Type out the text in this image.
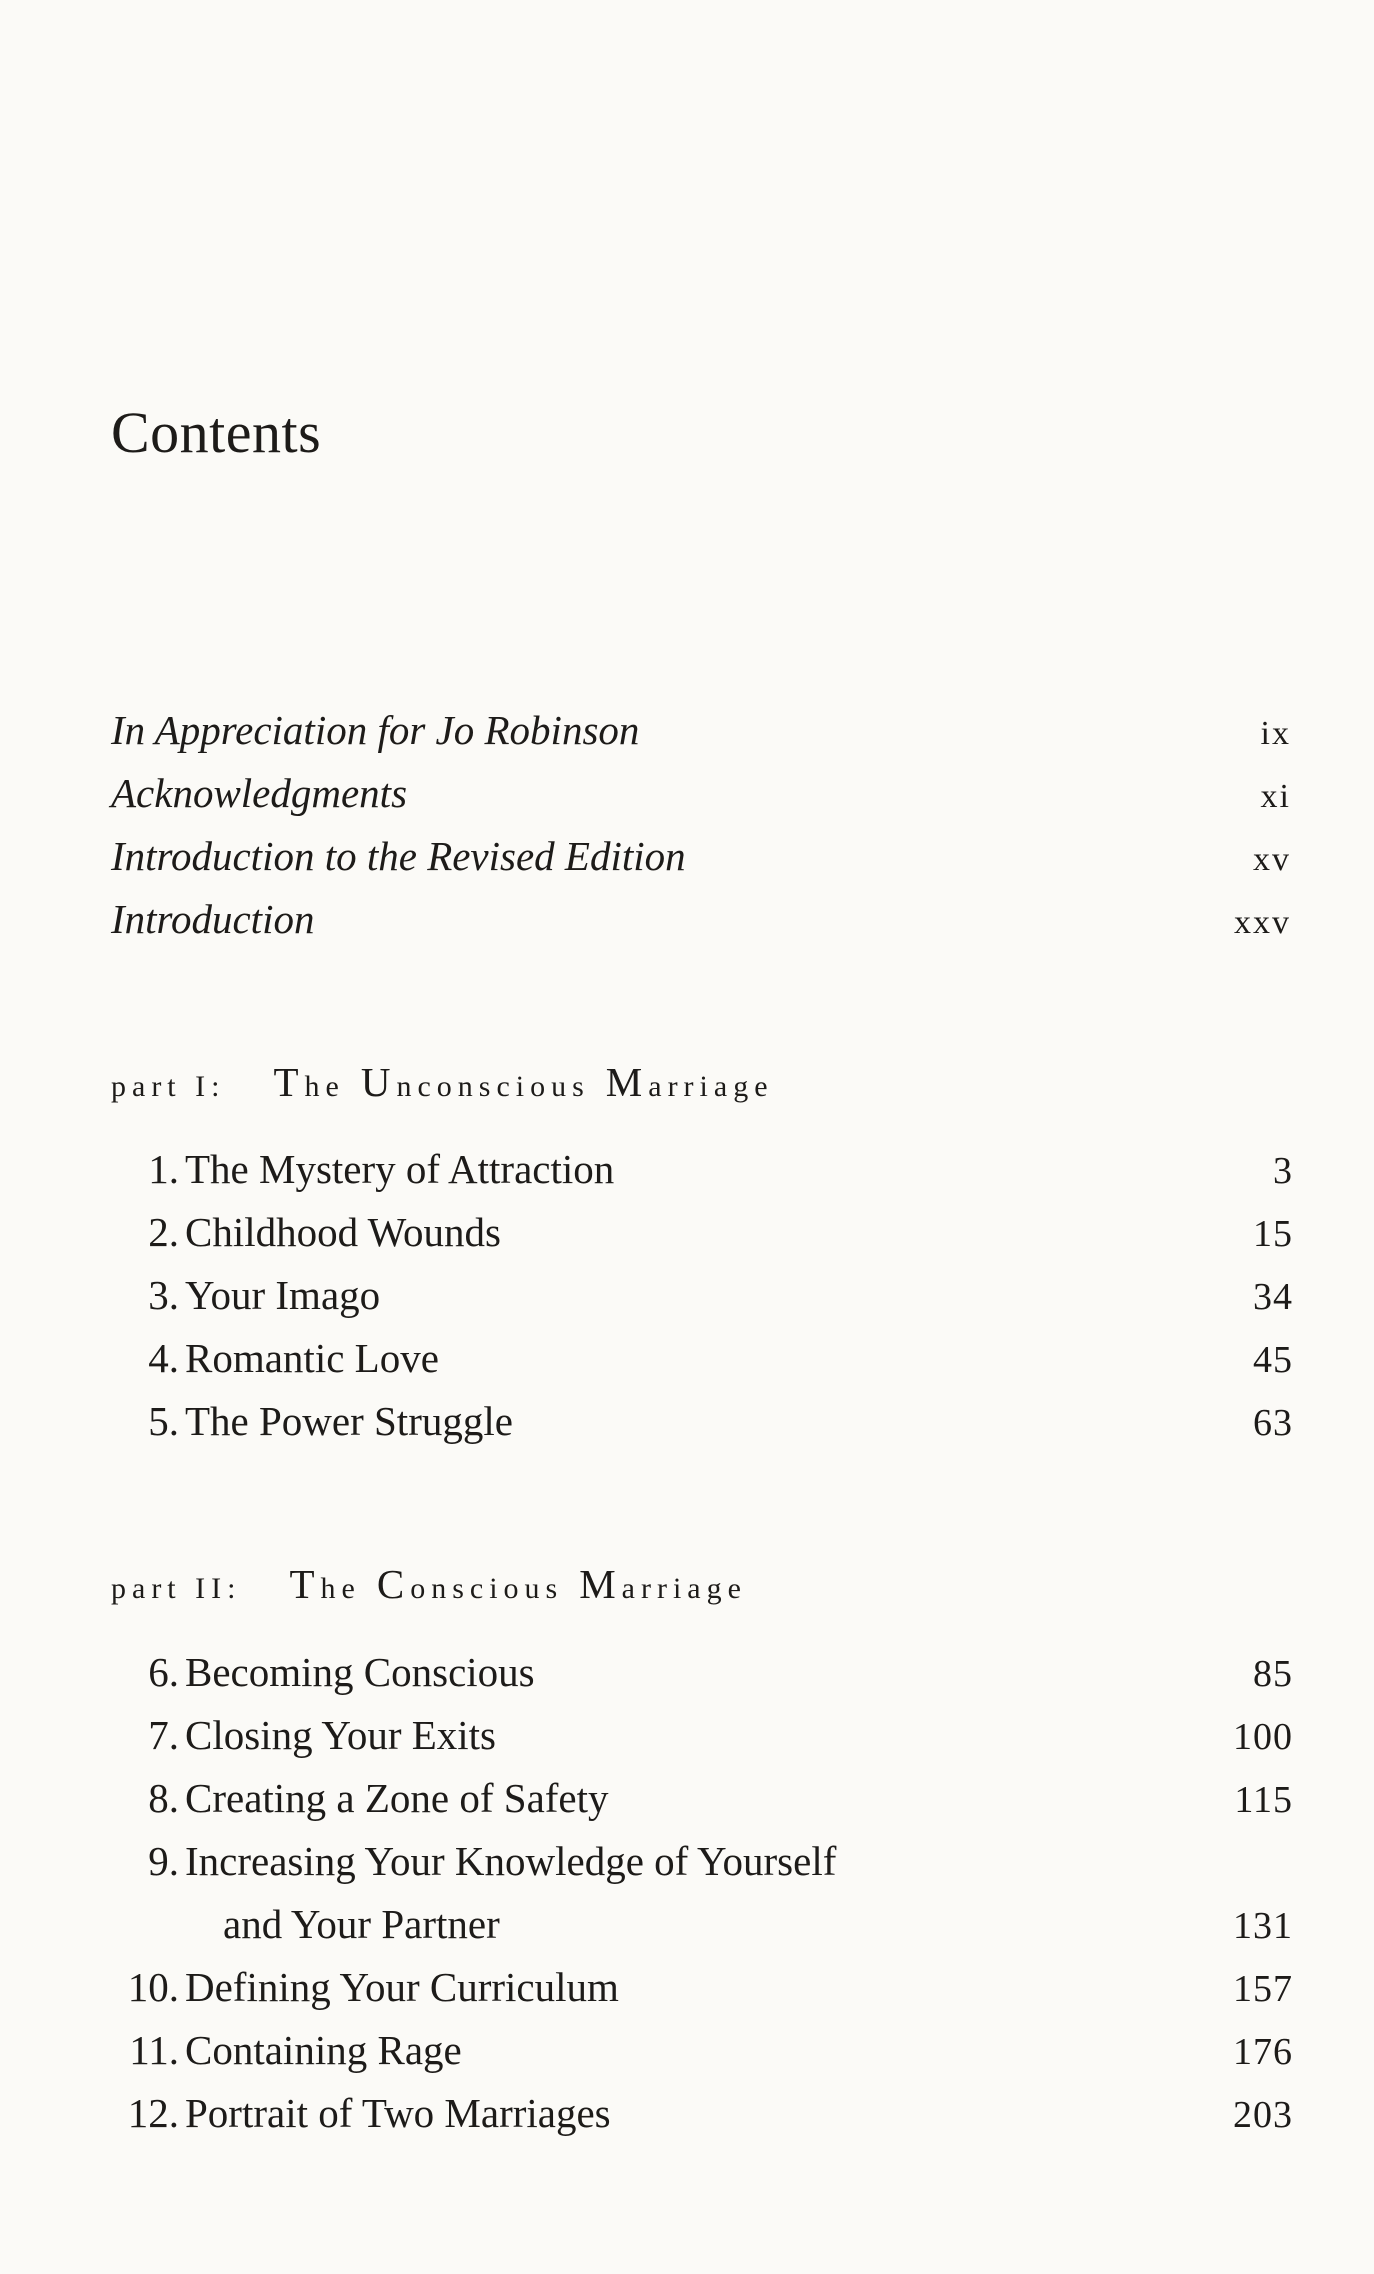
Contents
In Appreciation for Jo Robinson	ix
Acknowledgments	xi
Introduction to the Revised Edition	xv
Introduction	xxv
part I: The Unconscious Marriage
1. The Mystery of Attraction	3
2. Childhood Wounds	15
3. Your Imago	34
4. Romantic Love	45
5. The Power Struggle	63
part II: The Conscious Marriage
6. Becoming Conscious	85
7. Closing Your Exits	100
8. Creating a Zone of Safety	115
9. Increasing Your Knowledge of Yourself
and Your Partner	131
10. Defining Your Curriculum	157
11. Containing Rage	176
12. Portrait of Two Marriages	203
